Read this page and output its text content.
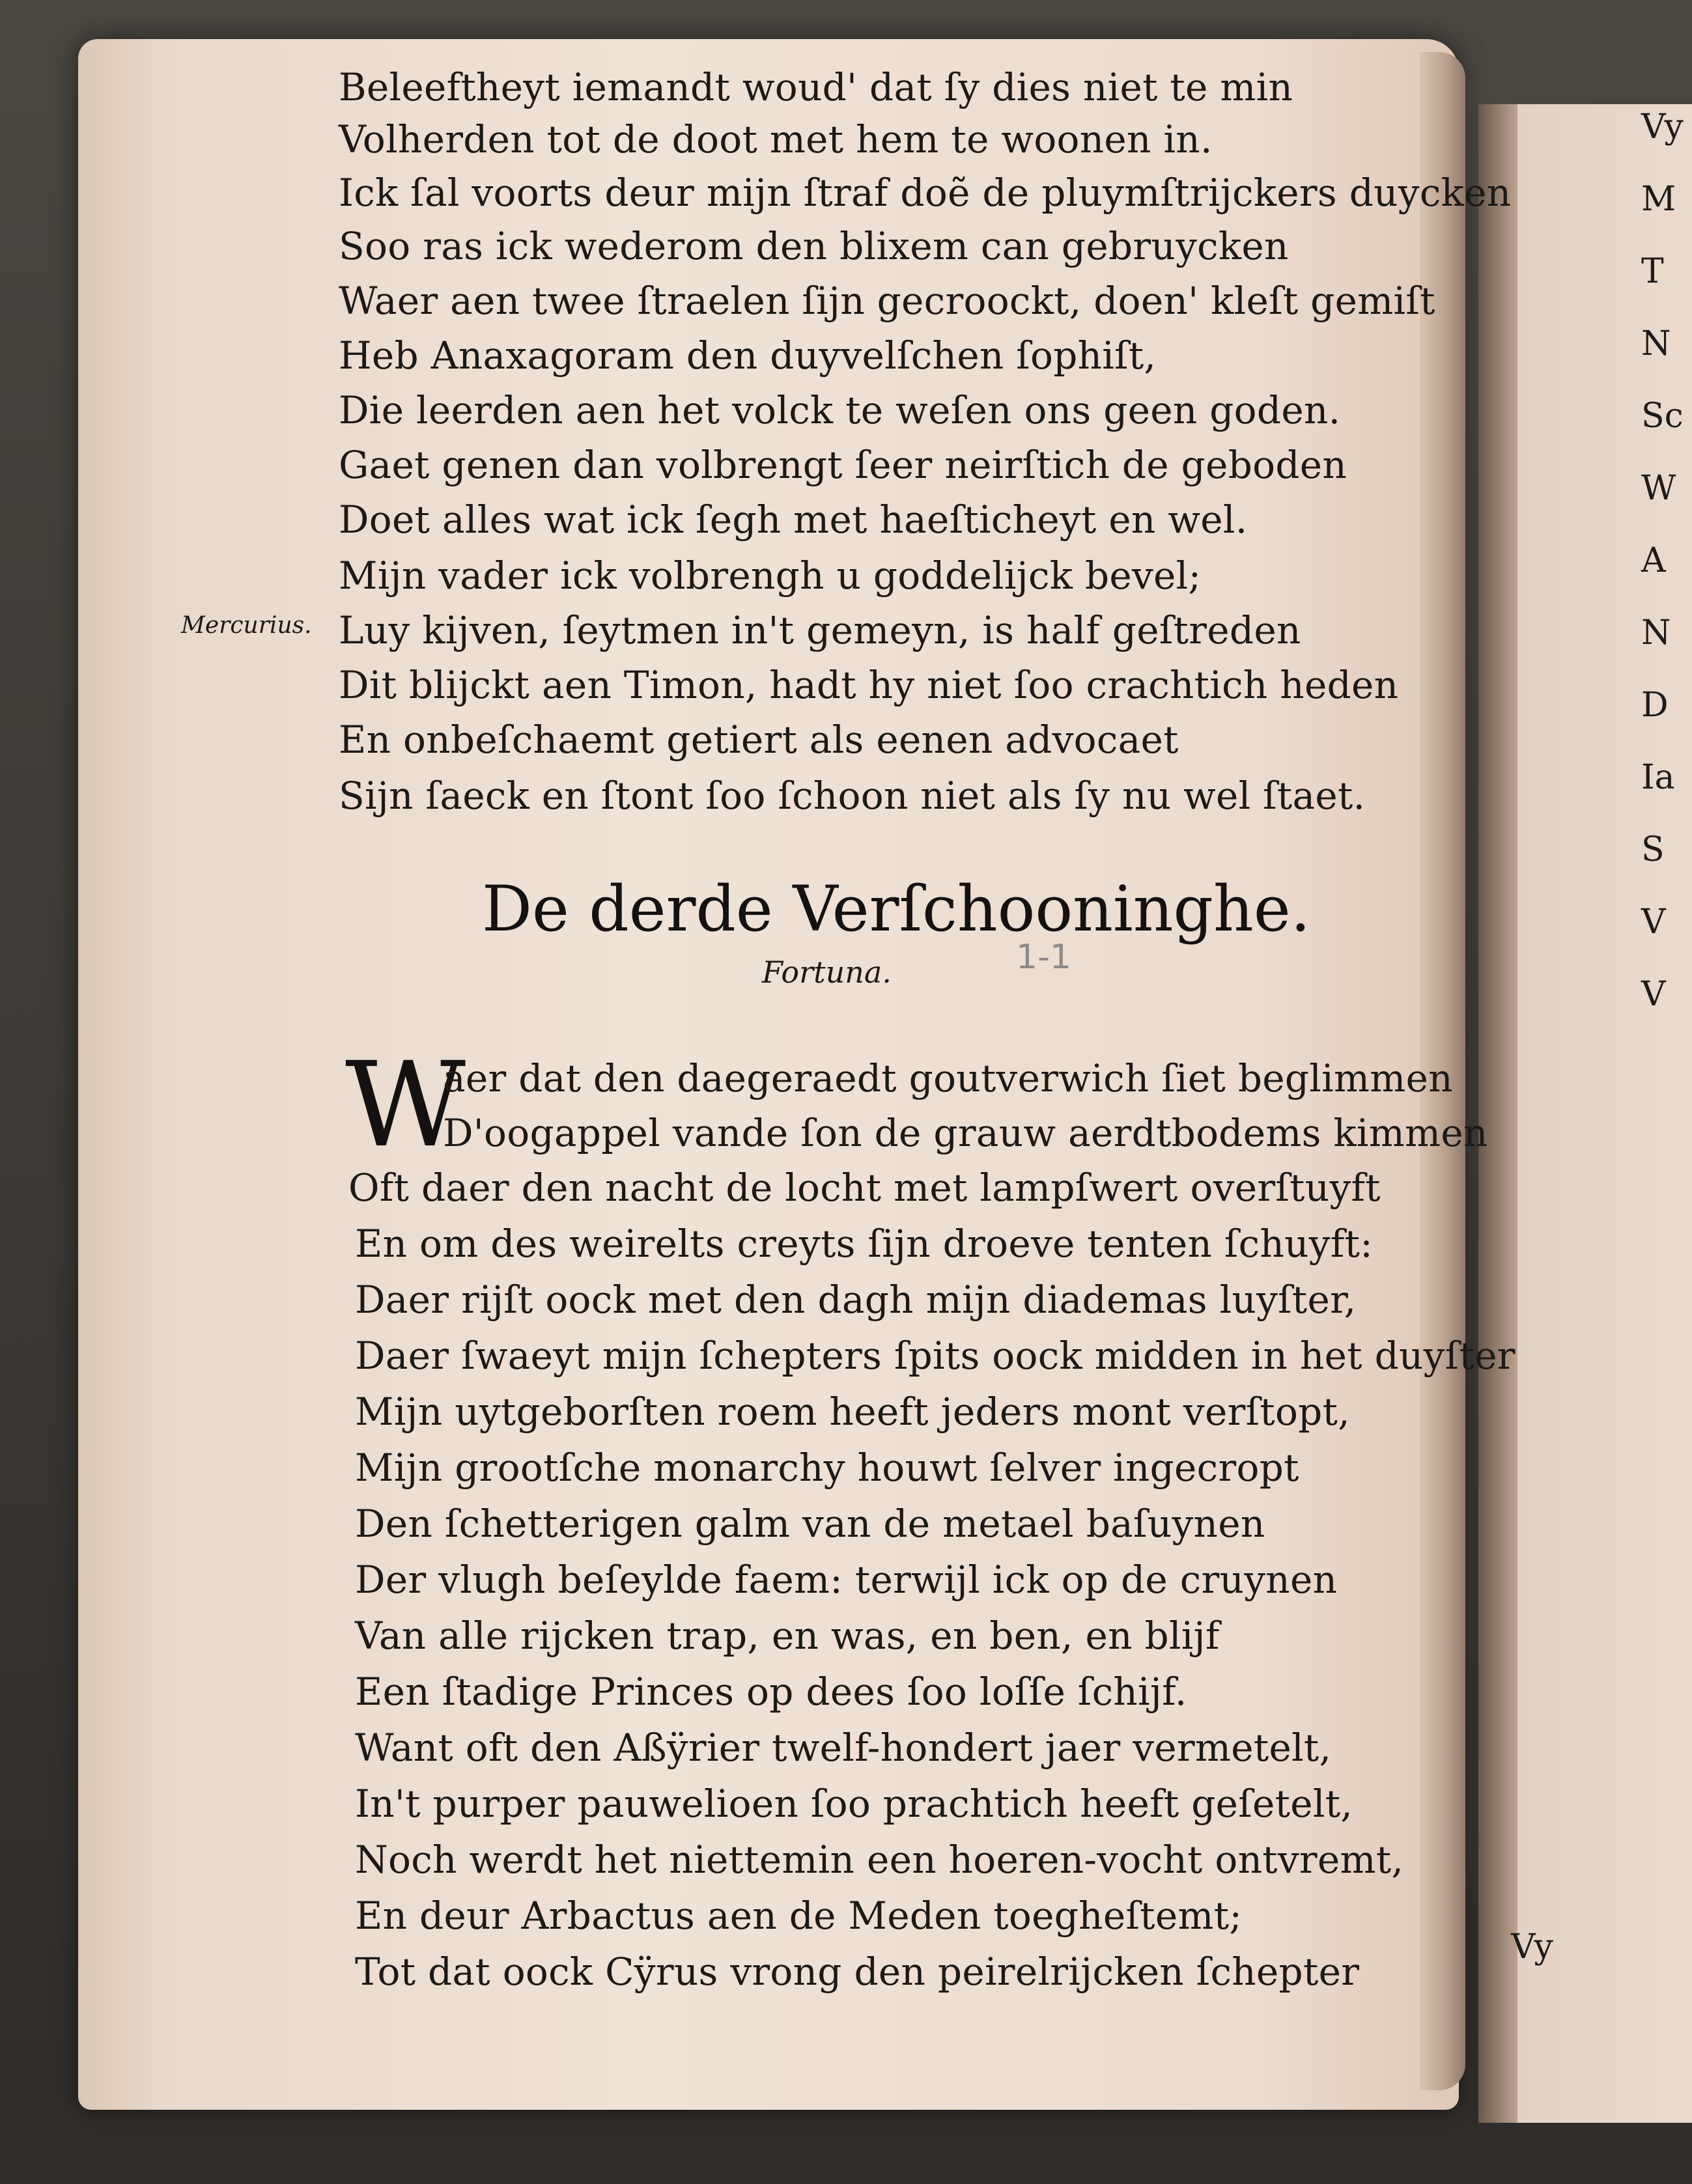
Vy
M
T
N
Sc
W
A
N
D
Ia
S
V
V
Vy
Beleeftheyt iemandt woud' dat ſy dies niet te min
Volherden tot de doot met hem te woonen in.
Ick ſal voorts deur mijn ſtraf doẽ de pluymſtrijckers duycken
Soo ras ick wederom den blixem can gebruycken
Waer aen twee ſtraelen ſijn gecroockt, doen' kleſt gemiſt
Heb Anaxagoram den duyvelſchen ſophiſt,
Die leerden aen het volck te weſen ons geen goden.
Gaet genen dan volbrengt ſeer neirſtich de geboden
Doet alles wat ick ſegh met haeſticheyt en wel.
Mijn vader ick volbrengh u goddelijck bevel;
Mercurius. Luy kijven, ſeytmen in't gemeyn, is half geſtreden
Dit blijckt aen Timon, hadt hy niet ſoo crachtich heden
En onbeſchaemt getiert als eenen advocaet
Sijn ſaeck en ſtont ſoo ſchoon niet als ſy nu wel ſtaet.
De derde Verſchooninghe.
Fortuna.	1-1
W
aer dat den daegeraedt goutverwich ſiet beglimmen
D'oogappel vande ſon de grauw aerdtbodems kimmen
Oft daer den nacht de locht met lampſwert overſtuyft
En om des weirelts creyts ſijn droeve tenten ſchuyft:
Daer rijſt oock met den dagh mijn diademas luyſter,
Daer ſwaeyt mijn ſchepters ſpits oock midden in het duyſter
Mijn uytgeborſten roem heeft jeders mont verſtopt,
Mijn grootſche monarchy houwt ſelver ingecropt
Den ſchetterigen galm van de metael baſuynen
Der vlugh beſeylde faem: terwijl ick op de cruynen
Van alle rijcken trap, en was, en ben, en blijf
Een ſtadige Princes op dees ſoo loſſe ſchijf.
Want oft den Aßÿrier twelf-hondert jaer vermetelt,
In't purper pauwelioen ſoo prachtich heeft geſetelt,
Noch werdt het niettemin een hoeren-vocht ontvremt,
En deur Arbactus aen de Meden toegheſtemt;
Tot dat oock Cÿrus vrong den peirelrijcken ſchepter
